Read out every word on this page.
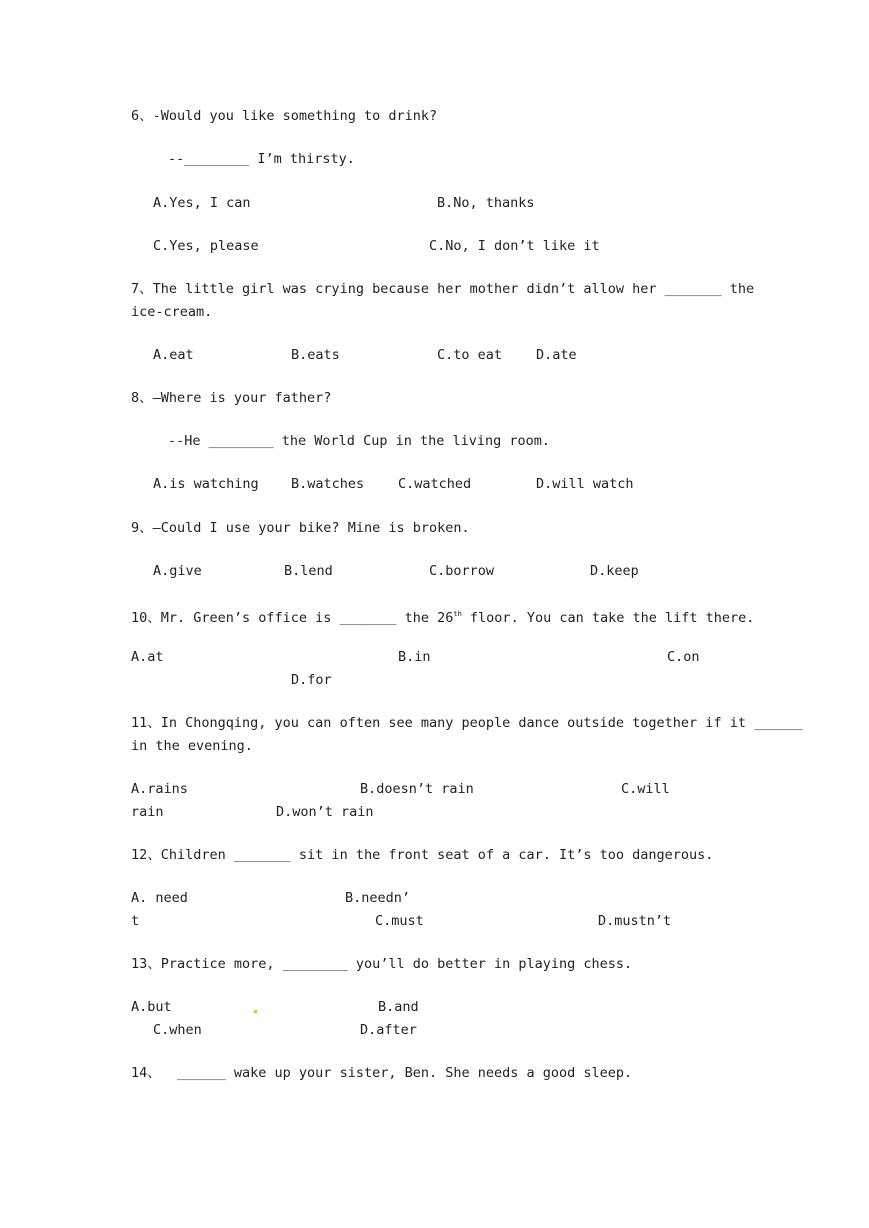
6、-Would you like something to drink?
--________ I’m thirsty.
A.Yes, I can	B.No, thanks
C.Yes, please	C.No, I don’t like it
7、The little girl was crying because her mother didn’t allow her _______ the
ice-cream.
A.eat	B.eats	C.to eat	D.ate
8、—Where is your father?
--He ________ the World Cup in the living room.
A.is watching B.watches	C.watched	D.will watch
9、—Could I use your bike? Mine is broken.
A.give	B.lend	C.borrow	D.keep
10、Mr. Green’s office is _______ the 26th floor. You can take the lift there.
A.at	B.in	C.on
D.for
11、In Chongqing, you can often see many people dance outside together if it ______
in the evening.
A.rains	B.doesn’t rain	C.will
rain	D.won’t rain
12、Children _______ sit in the front seat of a car. It’s too dangerous.
A. need	B.needn’
t	C.must	D.mustn’t
13、Practice more, ________ you’ll do better in playing chess.
A.but	B.and
C.when	D.after
14、  ______ wake up your sister, Ben. She needs a good sleep.
